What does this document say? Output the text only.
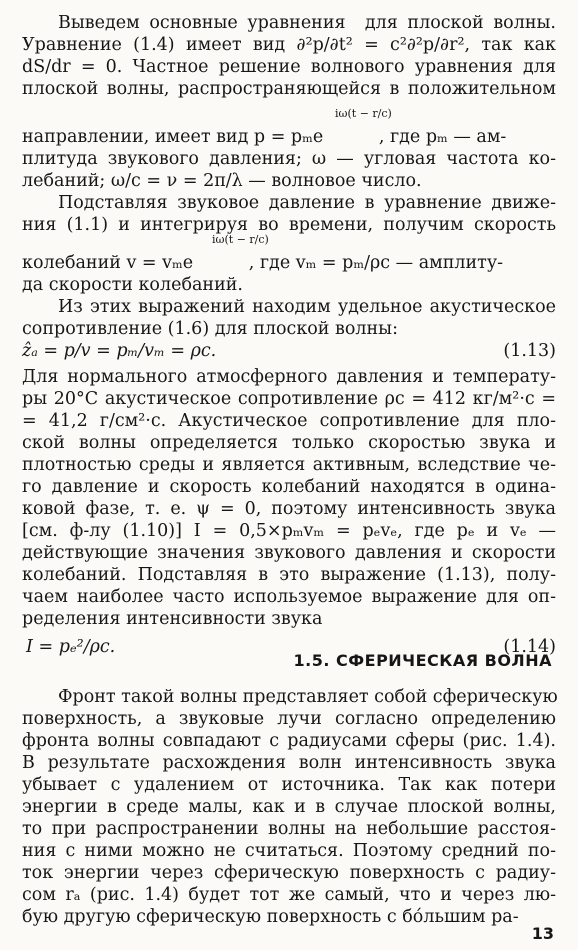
Выведем основные уравнения  для плоской волны.
Уравнение (1.4) имеет вид ∂²p/∂t² = c²∂²p/∂r², так как
dS/dr = 0. Частное решение волнового уравнения для
плоской волны, распространяющейся в положительном
iω(t − r/c)
направлении, имеет вид p = pₘe          , где pₘ — ам-
плитуда звукового давления; ω — угловая частота ко-
лебаний; ω/c = ν = 2π/λ — волновое число.
Подставляя звуковое давление в уравнение движе-
ния (1.1) и интегрируя во времени, получим скорость
iω(t − r/c)
колебаний v = vₘe          , где vₘ = pₘ/ρc — амплиту-
да скорости колебаний.
Из этих выражений находим удельное акустическое
сопротивление (1.6) для плоской волны:
ẑₐ = p/v = pₘ/vₘ = ρc.	(1.13)
Для нормального атмосферного давления и температу-
ры 20°C акустическое сопротивление ρc = 412 кг/м²·с =
= 41,2 г/см²·с. Акустическое сопротивление для пло-
ской волны определяется только скоростью звука и
плотностью среды и является активным, вследствие че-
го давление и скорость колебаний находятся в одина-
ковой фазе, т. е. ψ = 0, поэтому интенсивность звука
[см. ф-лу (1.10)] I = 0,5×pₘvₘ = pₑvₑ, где pₑ и vₑ —
действующие значения звукового давления и скорости
колебаний. Подставляя в это выражение (1.13), полу-
чаем наиболее часто используемое выражение для оп-
ределения интенсивности звука
I = pₑ²/ρc.	(1.14)
1.5. СФЕРИЧЕСКАЯ ВОЛНА
Фронт такой волны представляет собой сферическую
поверхность, а звуковые лучи согласно определению
фронта волны совпадают с радиусами сферы (рис. 1.4).
В результате расхождения волн интенсивность звука
убывает с удалением от источника. Так как потери
энергии в среде малы, как и в случае плоской волны,
то при распространении волны на небольшие расстоя-
ния с ними можно не считаться. Поэтому средний по-
ток энергии через сферическую поверхность с радиу-
сом rₐ (рис. 1.4) будет тот же самый, что и через лю-
бую другую сферическую поверхность с бо́льшим ра-
13
